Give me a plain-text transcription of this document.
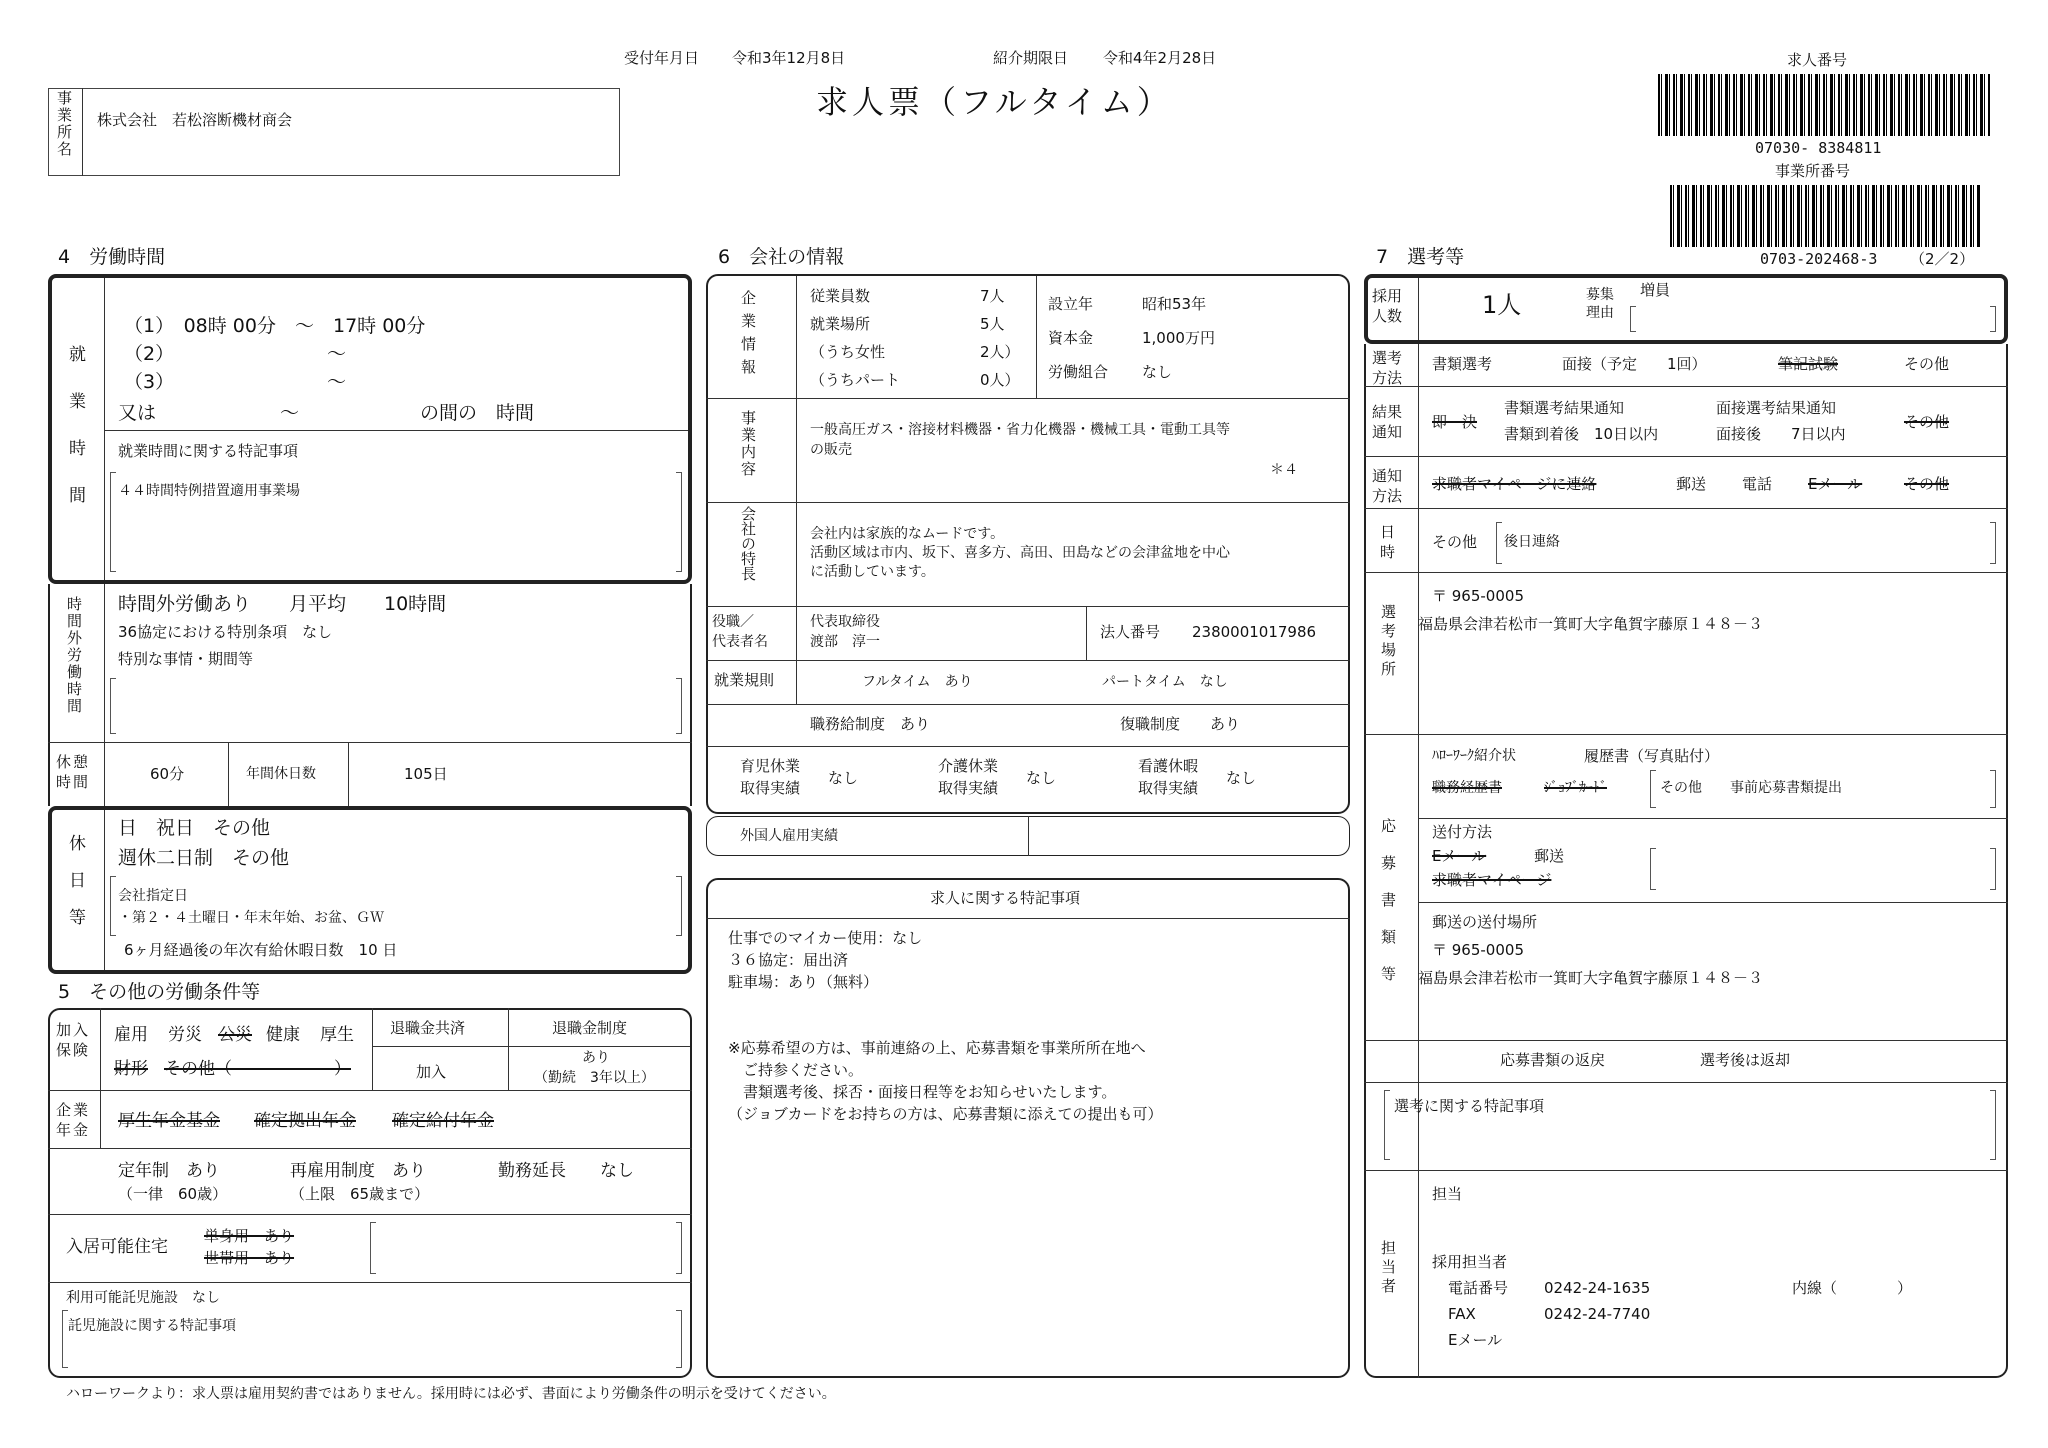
受付年月日 令和3年12月8日	紹介期限日 令和4年2月28日
求人票（フルタイム）
事業所名 株式会社　若松溶断機材商会
求人番号
07030- 8384811
事業所番号
0703-202468-3 （2／2）
4　労働時間
就業時間
（1）　08時 00分　～　17時 00分
（2）	～
（3）	～
又は	～	の間の　時間
就業時間に関する特記事項
４４時間特例措置適用事業場
時間外労働時間 時間外労働あり　　月平均　　10時間
36協定における特別条項　なし
特別な事情・期間等
休憩時間	60分	年間休日数	105日
休日等
日　祝日　その他
週休二日制　その他
会社指定日
・第２・４土曜日・年末年始、お盆、ＧＷ
6ヶ月経過後の年次有給休暇日数　10 日
5　その他の労働条件等
加入保険
雇用 労災 公災 健康 厚生
財形 その他（　　　　　　）
退職金共済
加入
退職金制度
あり
（勤続　3年以上）
企業年金	厚生年金基金 確定拠出年金 確定給付年金
定年制　あり
（一律　60歳）
再雇用制度　あり
（上限　65歳まで）
勤務延長　　なし
入居可能住宅
単身用　あり
世帯用　あり
利用可能託児施設　なし
託児施設に関する特記事項
6　会社の情報
企業情報	従業員数	7人
就業場所	5人
（うち女性	2人）
（うちパート	0人）
設立年	昭和53年
資本金	1,000万円
労働組合 なし
事業内容	一般高圧ガス・溶接材料機器・省力化機器・機械工具・電動工具等
の販売
＊４
会社の特長	会社内は家族的なムードです。
活動区域は市内、坂下、喜多方、高田、田島などの会津盆地を中心
に活動しています。
役職／
代表者名
代表取締役
渡部　淳一
法人番号 2380001017986
就業規則	フルタイム　あり	パートタイム　なし
職務給制度　あり	復職制度　　あり
育児休業
取得実績
なし
介護休業
取得実績
なし
看護休暇
取得実績
なし
外国人雇用実績
求人に関する特記事項
仕事でのマイカー使用：なし
３６協定：届出済
駐車場：あり（無料）
※応募希望の方は、事前連絡の上、応募書類を事業所所在地へ
　ご持参ください。
　書類選考後、採否・面接日程等をお知らせいたします。
（ジョブカードをお持ちの方は、応募書類に添えての提出も可）
7　選考等
採用人数	1人	募集理由
増員
選考方法
書類選考	面接（予定　　1回）	筆記試験	その他
結果通知
即　決
書類選考結果通知
書類到着後　10日以内
面接選考結果通知
面接後　　7日以内
その他
通知方法
求職者マイページに連絡	郵送 電話 Eメール	その他
日時
その他 後日連絡
選考場所
〒 965-0005
福島県会津若松市一箕町大字亀賀字藤原１４８－３
応募書類等
ﾊﾛｰﾜｰｸ紹介状	履歴書（写真貼付）
職務経歴書	ｼﾞｮﾌﾞｶｰﾄﾞ	その他　　事前応募書類提出
送付方法
Eメール	郵送
求職者マイページ
郵送の送付場所
〒 965-0005
福島県会津若松市一箕町大字亀賀字藤原１４８－３
応募書類の返戻	選考後は返却
選考に関する特記事項
担当者
担当
採用担当者
電話番号 0242-24-1635	内線（　　　　）
FAX	0242-24-7740
Eメール
ハローワークより：求人票は雇用契約書ではありません。採用時には必ず、書面により労働条件の明示を受けてください。
